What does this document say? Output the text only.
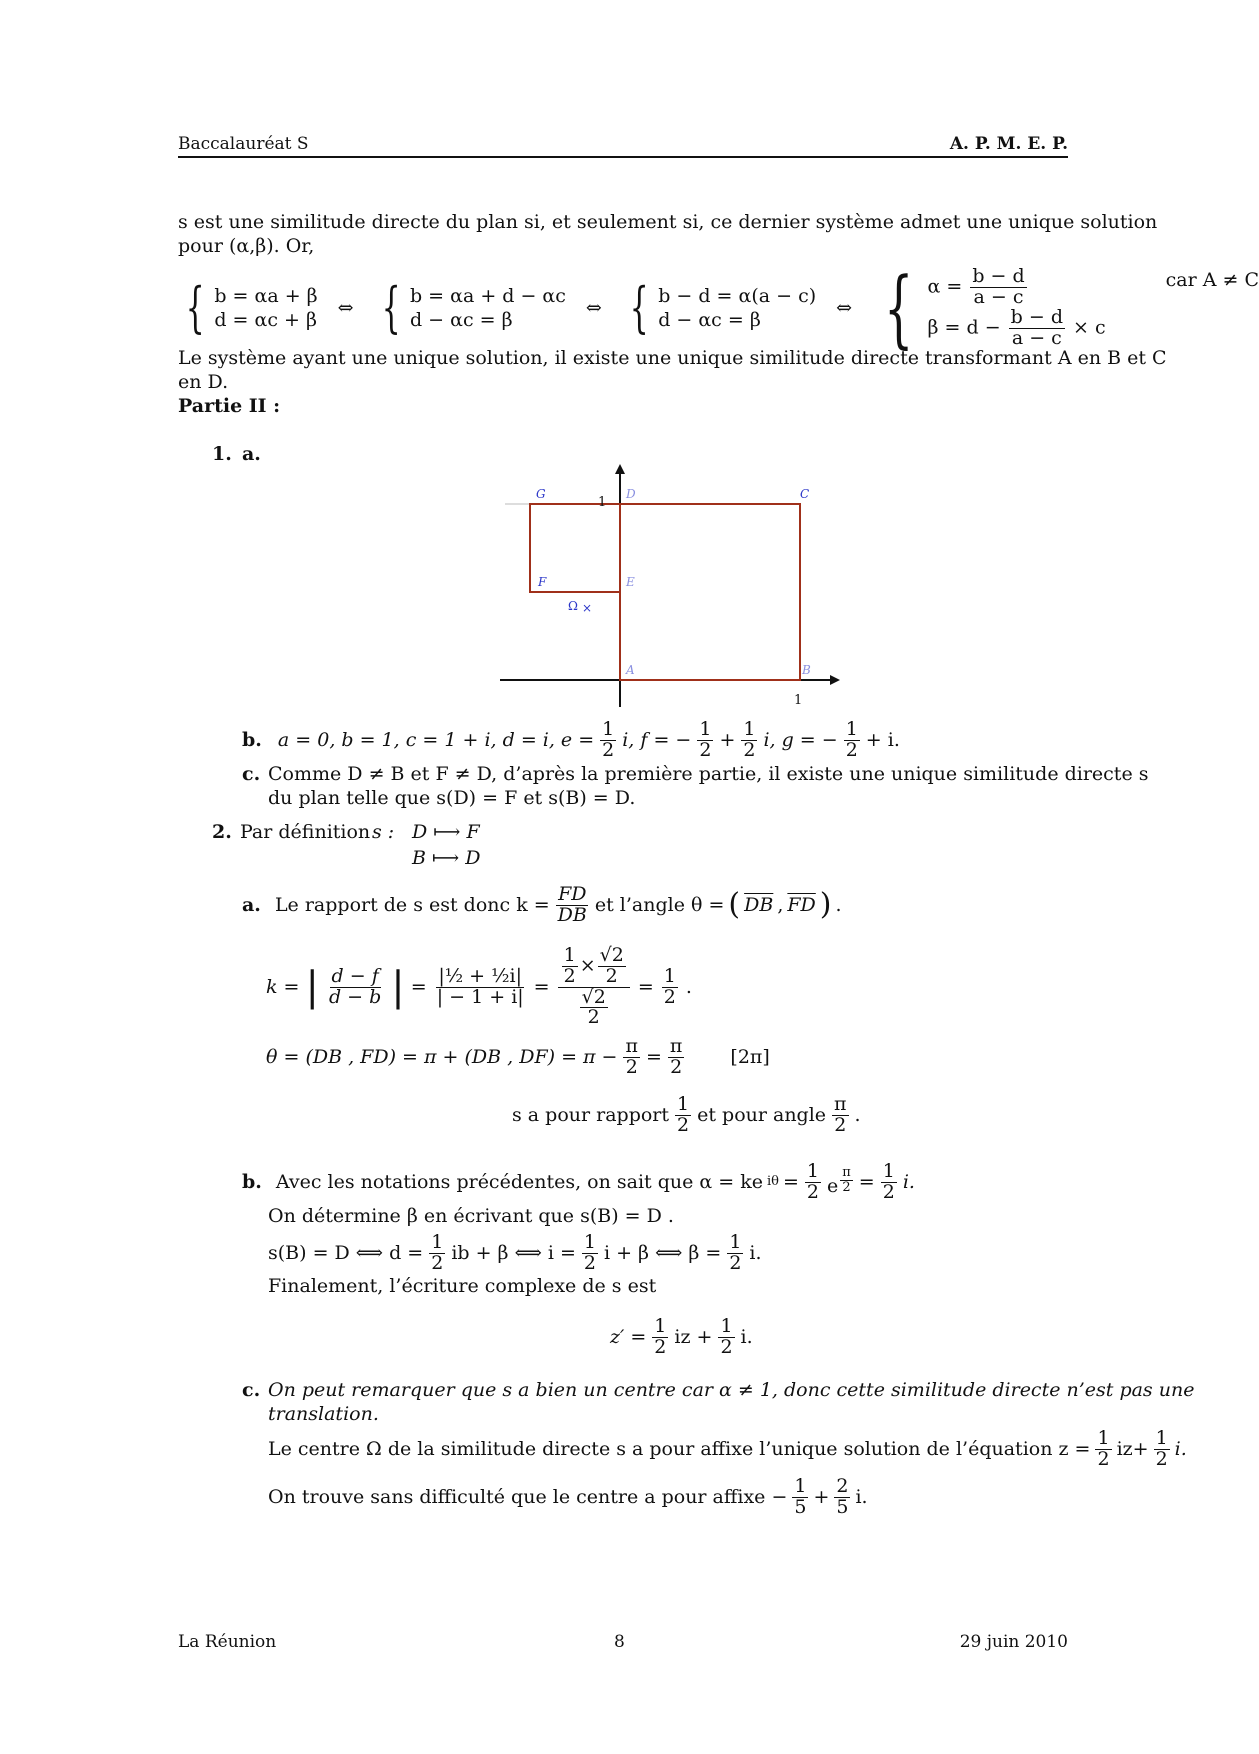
Baccalauréat S	A. P. M. E. P.
s est une similitude directe du plan si, et seulement si, ce dernier système admet une unique solution
pour (α,β). Or,
{ b = αa + β
d = αc + β
⇔ { b = αa + d − αc
d − αc = β
⇔ { b − d = α(a − c)
d − αc = β
⇔ { $\alpha = \frac{b - d}{a - c}$
$\beta = d - \frac{b - d}{a - c} \times c$
car A ≠ C
Le système ayant une unique solution, il existe une unique similitude directe transformant A en B et C
en D.
Partie II :
1. a.
G	D	C
F	E
Ω
A	B
×
1
1
b. a = 0, b = 1, c = 1 + i, d = i, $e = \frac{1}{2} i$, f = − $\frac{1}{2} + \frac{1}{2} i$, g = − $\frac{1}{2} + i$.
c. Comme D ≠ B et F ≠ D, d’après la première partie, il existe une unique similitude directe s
du plan telle que s(D) = F et s(B) = D.
2. Par définition s : D ⟼ F
B ⟼ D
a. Le rapport de s est donc $k = \frac{FD}{DB}$ et l’angle θ = ( $\overline{DB}$ , $\overline{FD}$ ) .
k = | $\frac{d - f}{d - b}$ | = $\frac{\text{|½ + ½i|}}{| - 1 + i|} = \frac{\frac{1}{2} \times \frac{√2}{2}}{\frac{√2}{2}} = \frac{1}{2}$ .
θ = (DB , FD) = π + (DB , $DF) = \pi - \frac{\pi}{2} = \frac{\pi}{2} [2\pi]$
s a pour rapport $\frac{1}{2}$ et pour angle $\frac{\pi}{2}$ .
b. Avec les notations précédentes, on sait que α = ke $i\theta = \frac{1}{2}$ e $^{\frac{\pi}{2}} = \frac{1}{2} i$.
On détermine β en écrivant que s(B) = D .
s(B) = D ⟺ $d = \frac{1}{2}$ ib + β ⟺ $i = \frac{1}{2}$ i + β ⟺ $\beta = \frac{1}{2} i$.
Finalement, l’écriture complexe de s est
$z' = \frac{1}{2}$ iz + $\frac{1}{2} i$.
c. On peut remarquer que s a bien un centre car α ≠ 1, donc cette similitude directe n’est pas une
translation.
Le centre Ω de la similitude directe s a pour affixe l’unique solution de l’équation $z = \frac{1}{2} iz+ \frac{1}{2} i$.
On trouve sans difficulté que le centre a pour affixe − $\frac{1}{5} + \frac{2}{5} i$.
La Réunion	8	29 juin 2010
